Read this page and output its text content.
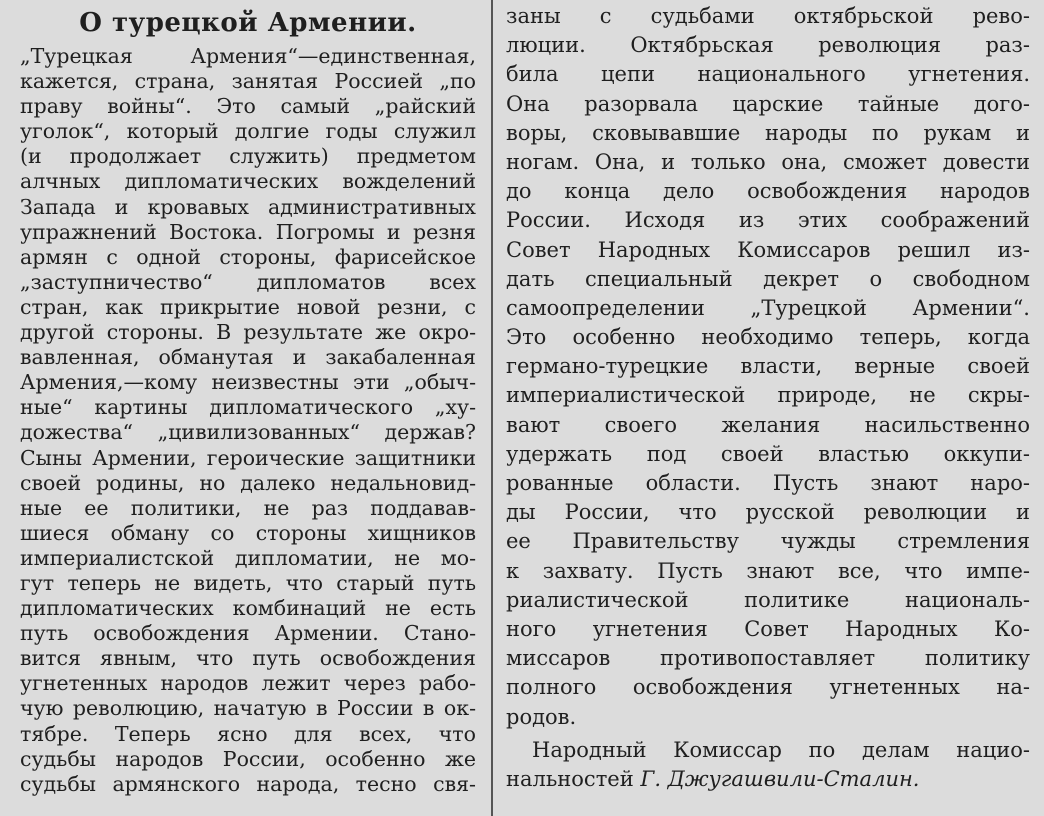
О турецкой Армении.
„Турецкая Армения“—единственная,
кажется, страна, занятая Россией „по
праву войны“. Это самый „райский
уголок“, который долгие годы служил
(и продолжает служить) предметом
алчных дипломатических вожделений
Запада и кровавых административных
упражнений Востока. Погромы и резня
армян с одной стороны, фарисейское
„заступничество“ дипломатов всех
стран, как прикрытие новой резни, с
другой стороны. В результате же окро-
вавленная, обманутая и закабаленная
Армения,—кому неизвестны эти „обыч-
ные“ картины дипломатического „ху-
дожества“ „цивилизованных“ держав?
Сыны Армении, героические защитники
своей родины, но далеко недальновид-
ные ее политики, не раз поддавав-
шиеся обману со стороны хищников
империалистской дипломатии, не мо-
гут теперь не видеть, что старый путь
дипломатических комбинаций не есть
путь освобождения Армении. Стано-
вится явным, что путь освобождения
угнетенных народов лежит через рабо-
чую революцию, начатую в России в ок-
тябре. Теперь ясно для всех, что
судьбы народов России, особенно же
судьбы армянского народа, тесно свя-
заны с судьбами октябрьской рево-
люции. Октябрьская революция раз-
била цепи национального угнетения.
Она разорвала царские тайные дого-
воры, сковывавшие народы по рукам и
ногам. Она, и только она, сможет довести
до конца дело освобождения народов
России. Исходя из этих соображений
Совет Народных Комиссаров решил из-
дать специальный декрет о свободном
самоопределении „Турецкой Армении“.
Это особенно необходимо теперь, когда
германо-турецкие власти, верные своей
империалистической природе, не скры-
вают своего желания насильственно
удержать под своей властью оккупи-
рованные области. Пусть знают наро-
ды России, что русской революции и
ее Правительству чужды стремления
к захвату. Пусть знают все, что импе-
риалистической политике националь-
ного угнетения Совет Народных Ко-
миссаров противопоставляет политику
полного освобождения угнетенных на-
родов.
Народный Комиссар по делам нацио-
нальностей Г. Джугашвили-Сталин.
